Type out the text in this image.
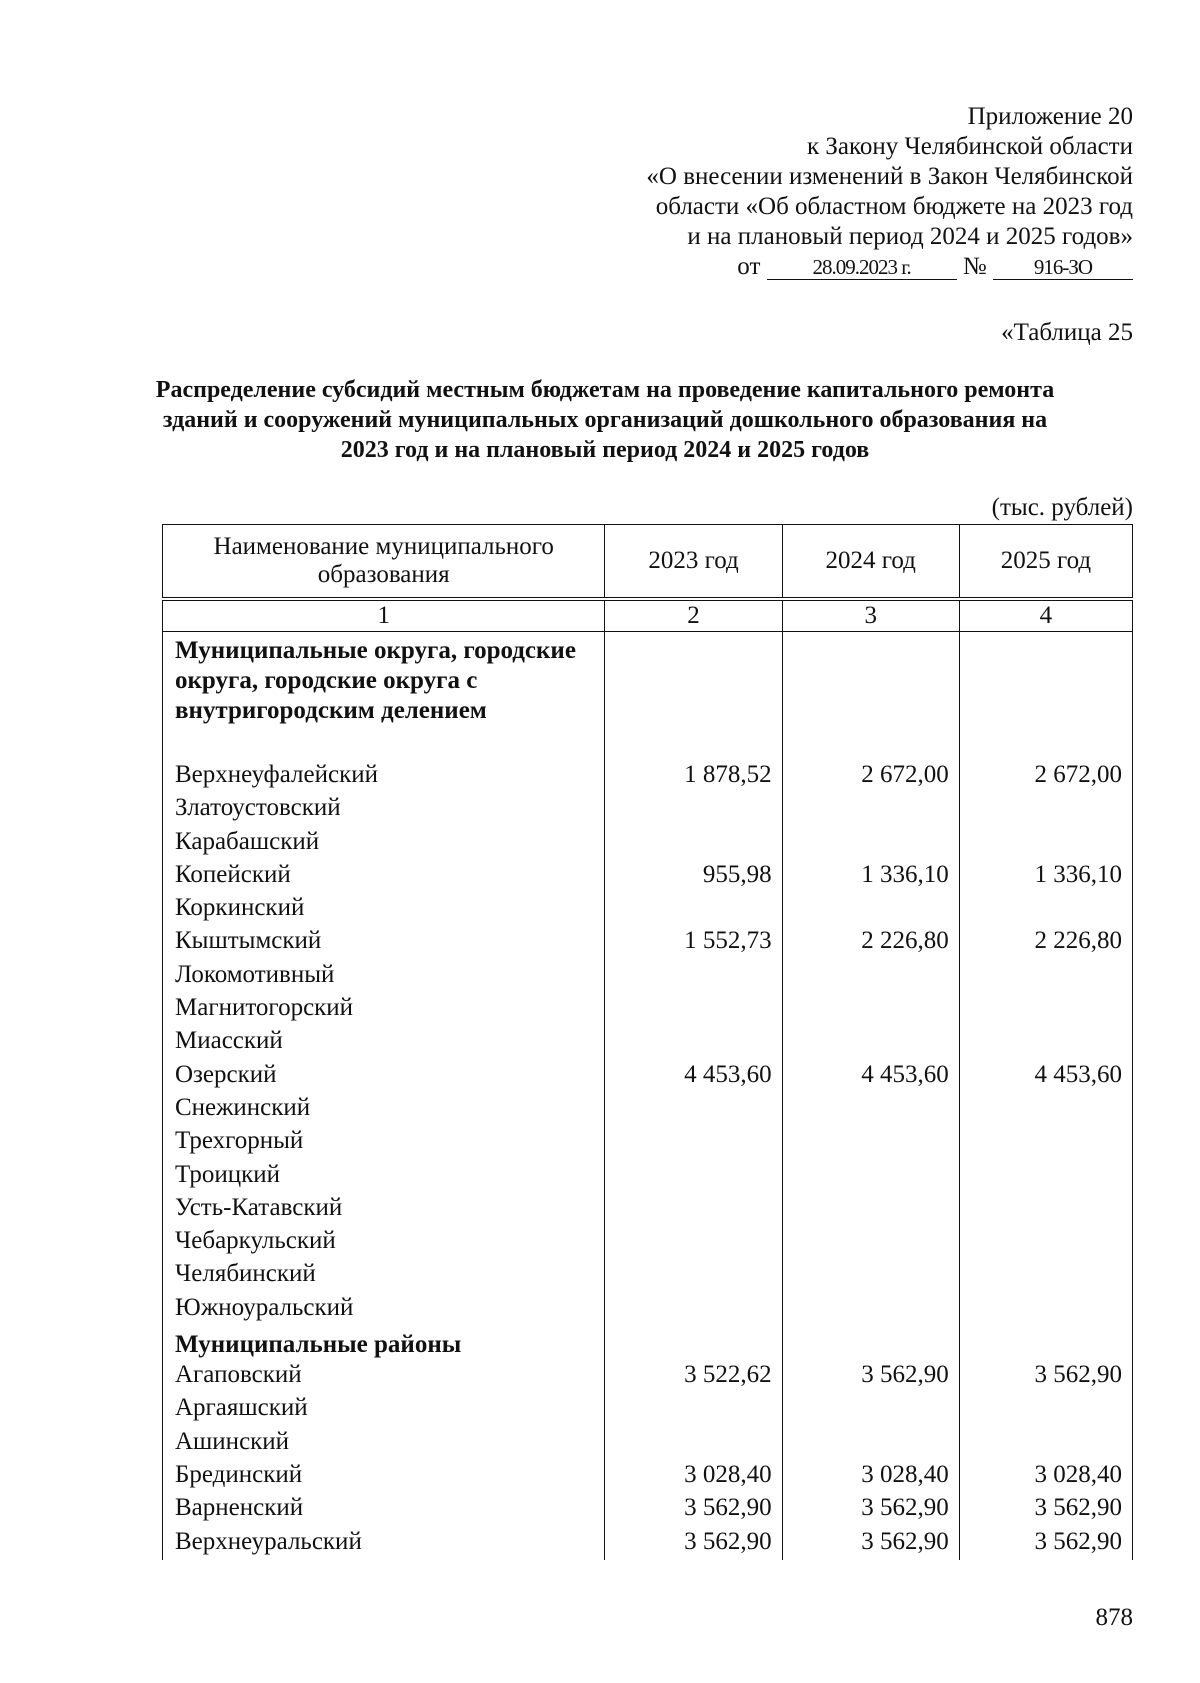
Приложение 20
к Закону Челябинской области
«О внесении изменений в Закон Челябинской
области «Об областном бюджете на 2023 год
и на плановый период 2024 и 2025 годов»
от 28.09.2023 г. № 916-ЗО
«Таблица 25
Распределение субсидий местным бюджетам на проведение капитального ремонта зданий и сооружений муниципальных организаций дошкольного образования на 2023 год и на плановый период 2024 и 2025 годов
(тыс. рублей)
Наименование муниципального образования	2023 год	2024 год	2025 год
1	2	3	4
Муниципальные округа, городские округа, городские округа с внутригородским делением			
Верхнеуфалейский	1 878,52	2 672,00	2 672,00
Златоустовский			
Карабашский			
Копейский	955,98	1 336,10	1 336,10
Коркинский			
Кыштымский	1 552,73	2 226,80	2 226,80
Локомотивный			
Магнитогорский			
Миасский			
Озерский	4 453,60	4 453,60	4 453,60
Снежинский			
Трехгорный			
Троицкий			
Усть-Катавский			
Чебаркульский			
Челябинский			
Южноуральский			
Муниципальные районы			
Агаповский	3 522,62	3 562,90	3 562,90
Аргаяшский			
Ашинский			
Брединский	3 028,40	3 028,40	3 028,40
Варненский	3 562,90	3 562,90	3 562,90
Верхнеуральский	3 562,90	3 562,90	3 562,90
878
